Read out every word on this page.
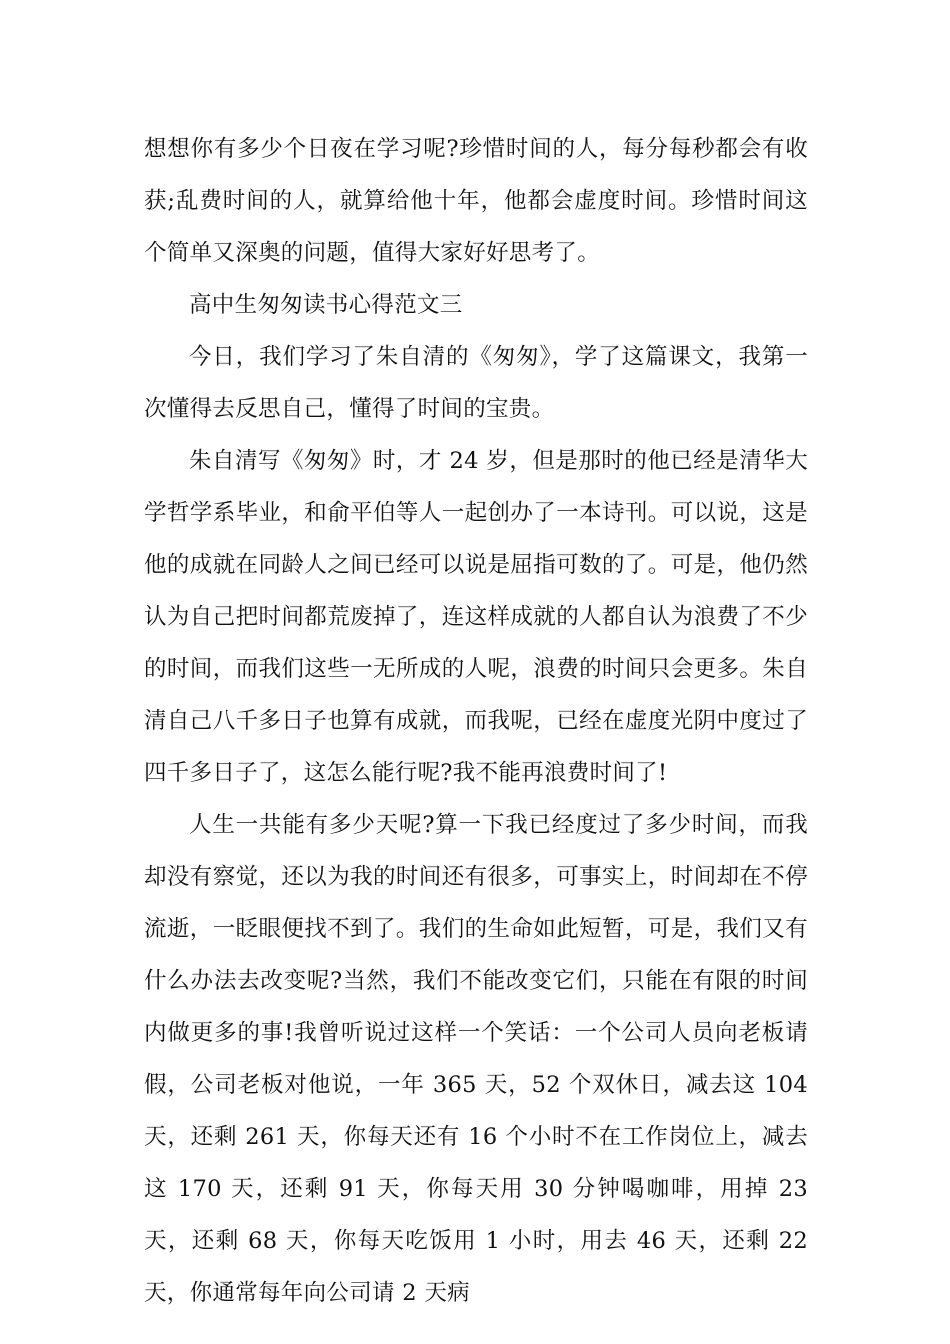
想想你有多少个日夜在学习呢?珍惜时间的人，每分每秒都会有收获;乱费时间的人，就算给他十年，他都会虚度时间。珍惜时间这个简单又深奥的问题，值得大家好好思考了。

高中生匆匆读书心得范文三

今日，我们学习了朱自清的《匆匆》，学了这篇课文，我第一次懂得去反思自己，懂得了时间的宝贵。

朱自清写《匆匆》时，才 24 岁，但是那时的他已经是清华大学哲学系毕业，和俞平伯等人一起创办了一本诗刊。可以说，这是他的成就在同龄人之间已经可以说是屈指可数的了。可是，他仍然认为自己把时间都荒废掉了，连这样成就的人都自认为浪费了不少的时间，而我们这些一无所成的人呢，浪费的时间只会更多。朱自清自己八千多日子也算有成就，而我呢，已经在虚度光阴中度过了四千多日子了，这怎么能行呢?我不能再浪费时间了!

人生一共能有多少天呢?算一下我已经度过了多少时间，而我却没有察觉，还以为我的时间还有很多，可事实上，时间却在不停流逝，一眨眼便找不到了。我们的生命如此短暂，可是，我们又有什么办法去改变呢?当然，我们不能改变它们，只能在有限的时间内做更多的事!我曾听说过这样一个笑话：一个公司人员向老板请假，公司老板对他说，一年 365 天，52 个双休日，减去这 104 天，还剩 261 天，你每天还有 16 个小时不在工作岗位上，减去这 170 天，还剩 91 天，你每天用 30 分钟喝咖啡，用掉 23 天，还剩 68 天，你每天吃饭用 1 小时，用去 46 天，还剩 22 天，你通常每年向公司请 2 天病
